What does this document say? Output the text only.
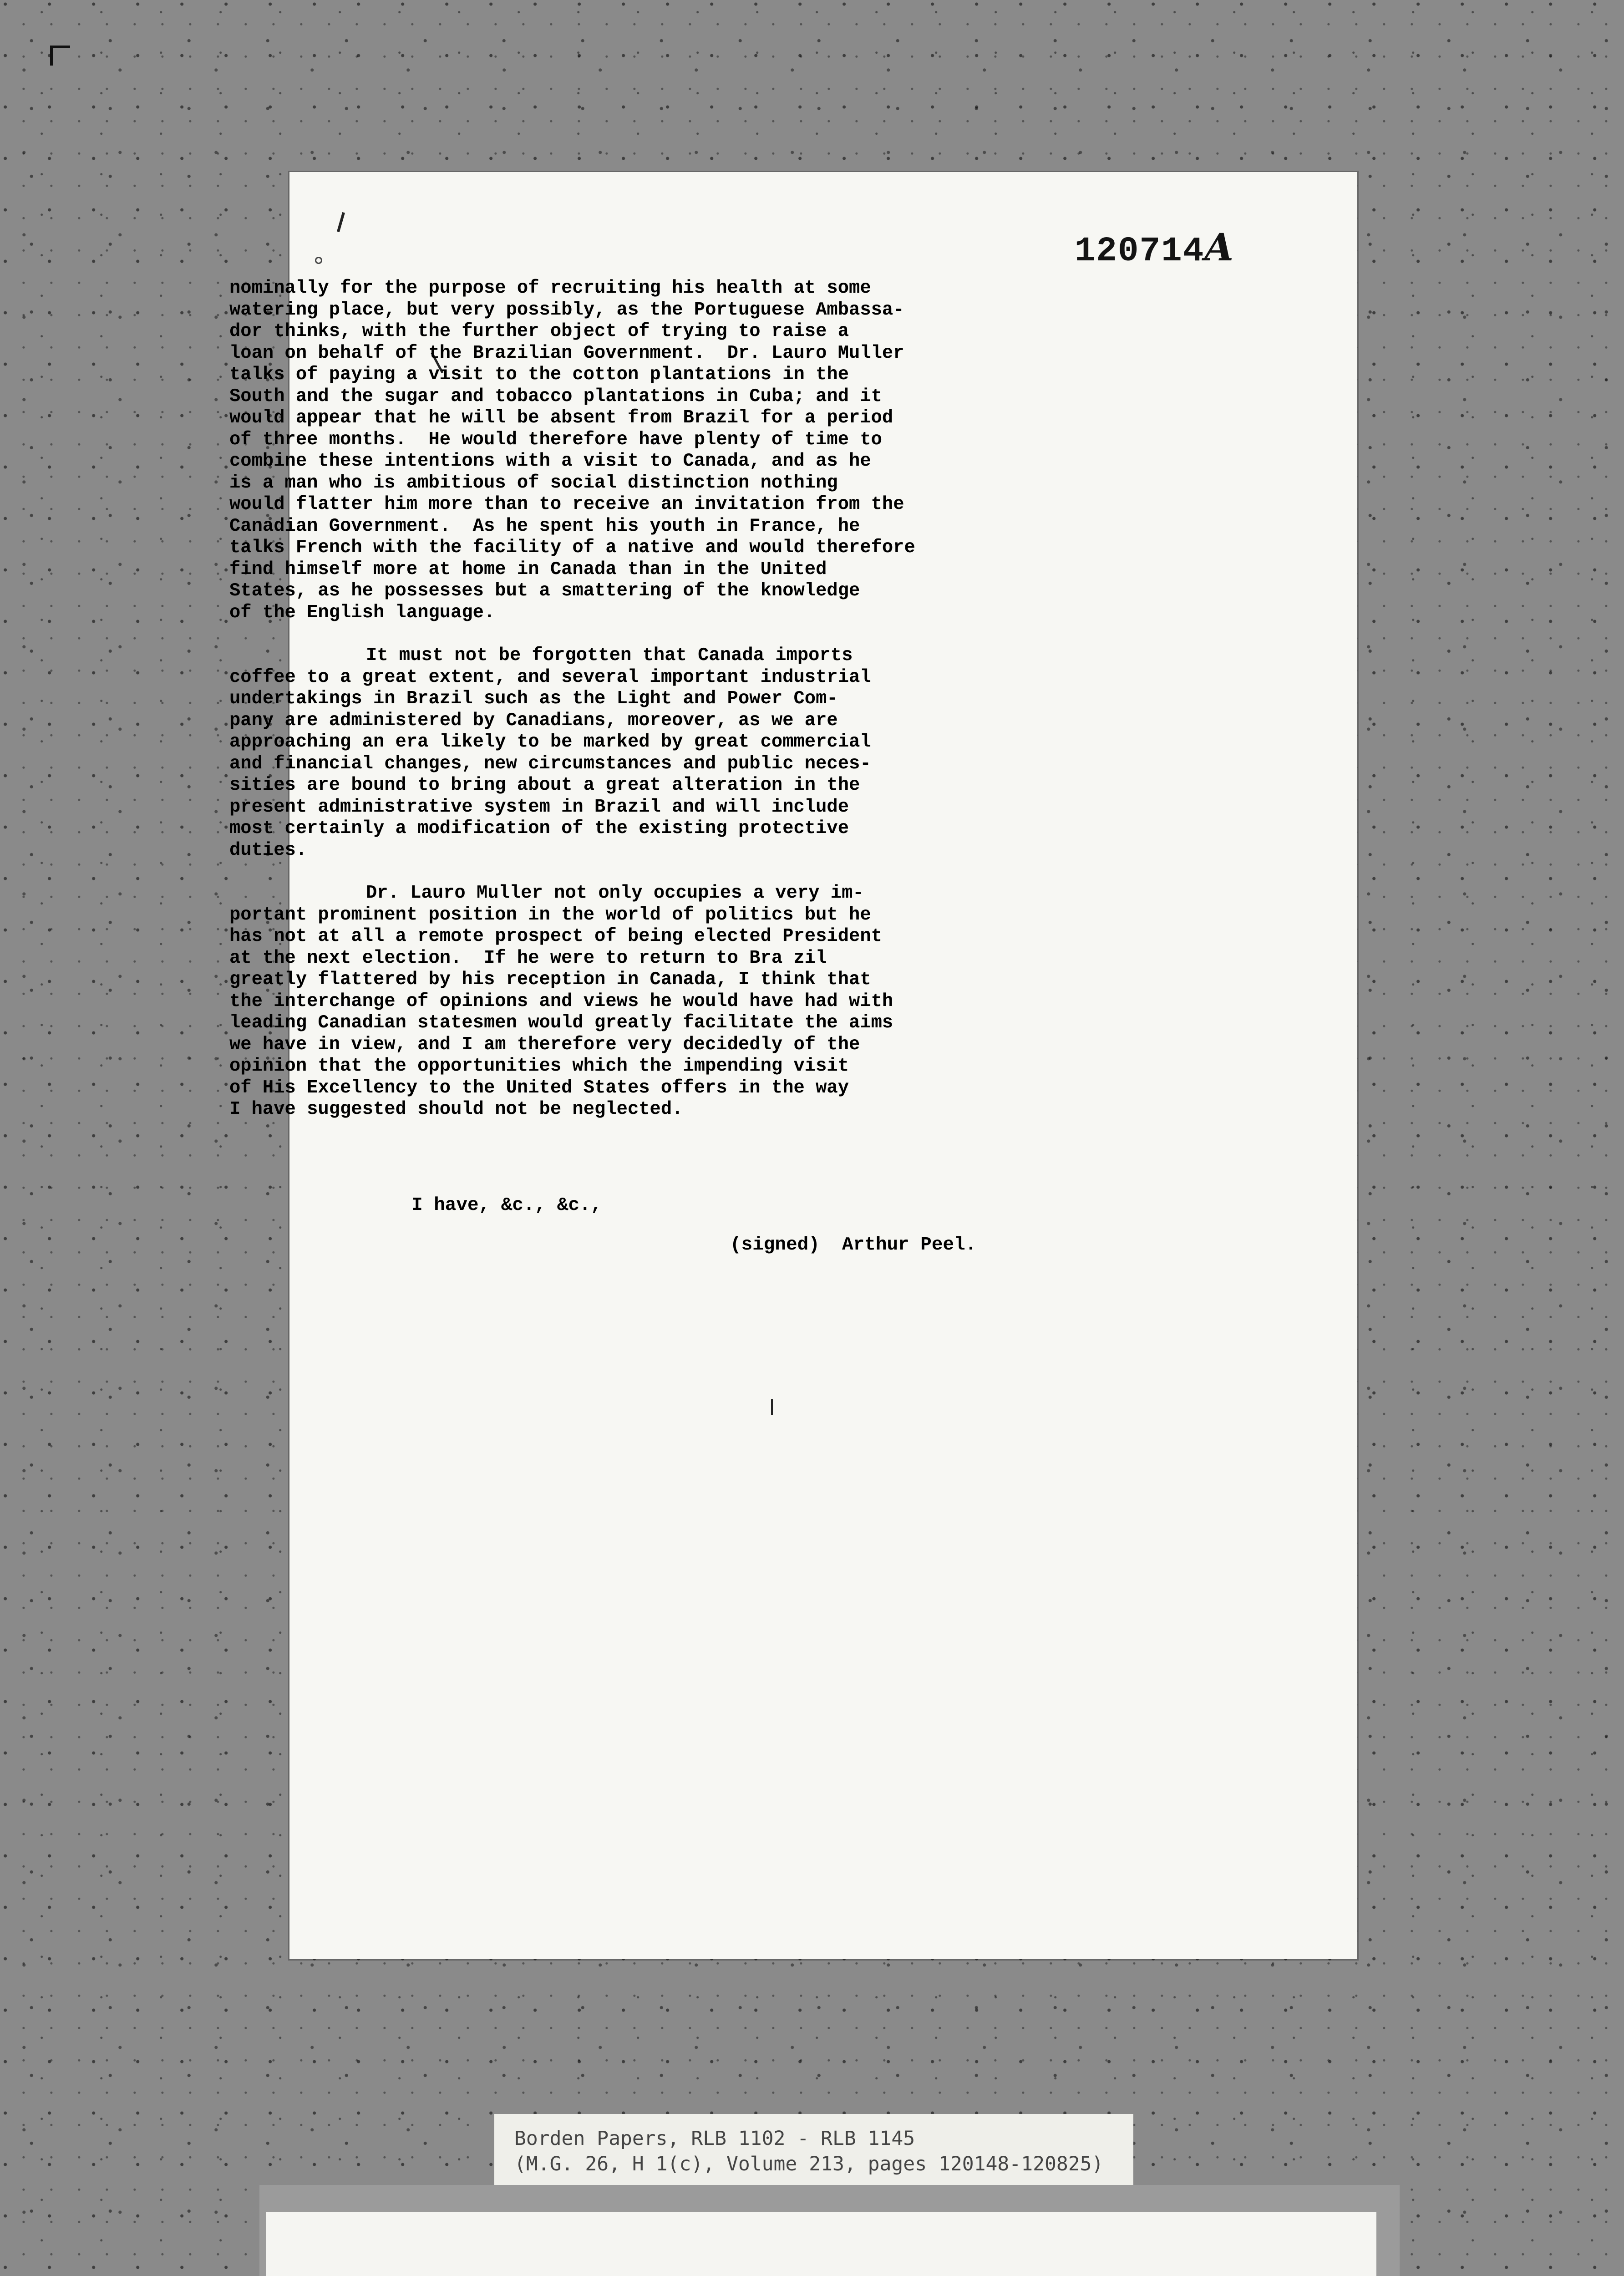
120714A
nominally for the purpose of recruiting his health at some
watering place, but very possibly, as the Portuguese Ambassa-
dor thinks, with the further object of trying to raise a
loan on behalf of the Brazilian Government.  Dr. Lauro Muller
talks of paying a visit to the cotton plantations in the
South and the sugar and tobacco plantations in Cuba; and it
would appear that he will be absent from Brazil for a period
of three months.  He would therefore have plenty of time to
combine these intentions with a visit to Canada, and as he
is a man who is ambitious of social distinction nothing
would flatter him more than to receive an invitation from the
Canadian Government.  As he spent his youth in France, he
talks French with the facility of a native and would therefore
find himself more at home in Canada than in the United
States, as he possesses but a smattering of the knowledge
of the English language.
It must not be forgotten that Canada imports
coffee to a great extent, and several important industrial
undertakings in Brazil such as the Light and Power Com-
pany are administered by Canadians, moreover, as we are
approaching an era likely to be marked by great commercial
and financial changes, new circumstances and public neces-
sities are bound to bring about a great alteration in the
present administrative system in Brazil and will include
most certainly a modification of the existing protective
duties.
Dr. Lauro Muller not only occupies a very im-
portant prominent position in the world of politics but he
has not at all a remote prospect of being elected President
at the next election.  If he were to return to Bra zil
greatly flattered by his reception in Canada, I think that
the interchange of opinions and views he would have had with
leading Canadian statesmen would greatly facilitate the aims
we have in view, and I am therefore very decidedly of the
opinion that the opportunities which the impending visit
of His Excellency to the United States offers in the way
I have suggested should not be neglected.
I have, &c., &c.,
(signed)  Arthur Peel.
Borden Papers, RLB 1102 - RLB 1145
(M.G. 26, H 1(c), Volume 213, pages 120148-120825)
